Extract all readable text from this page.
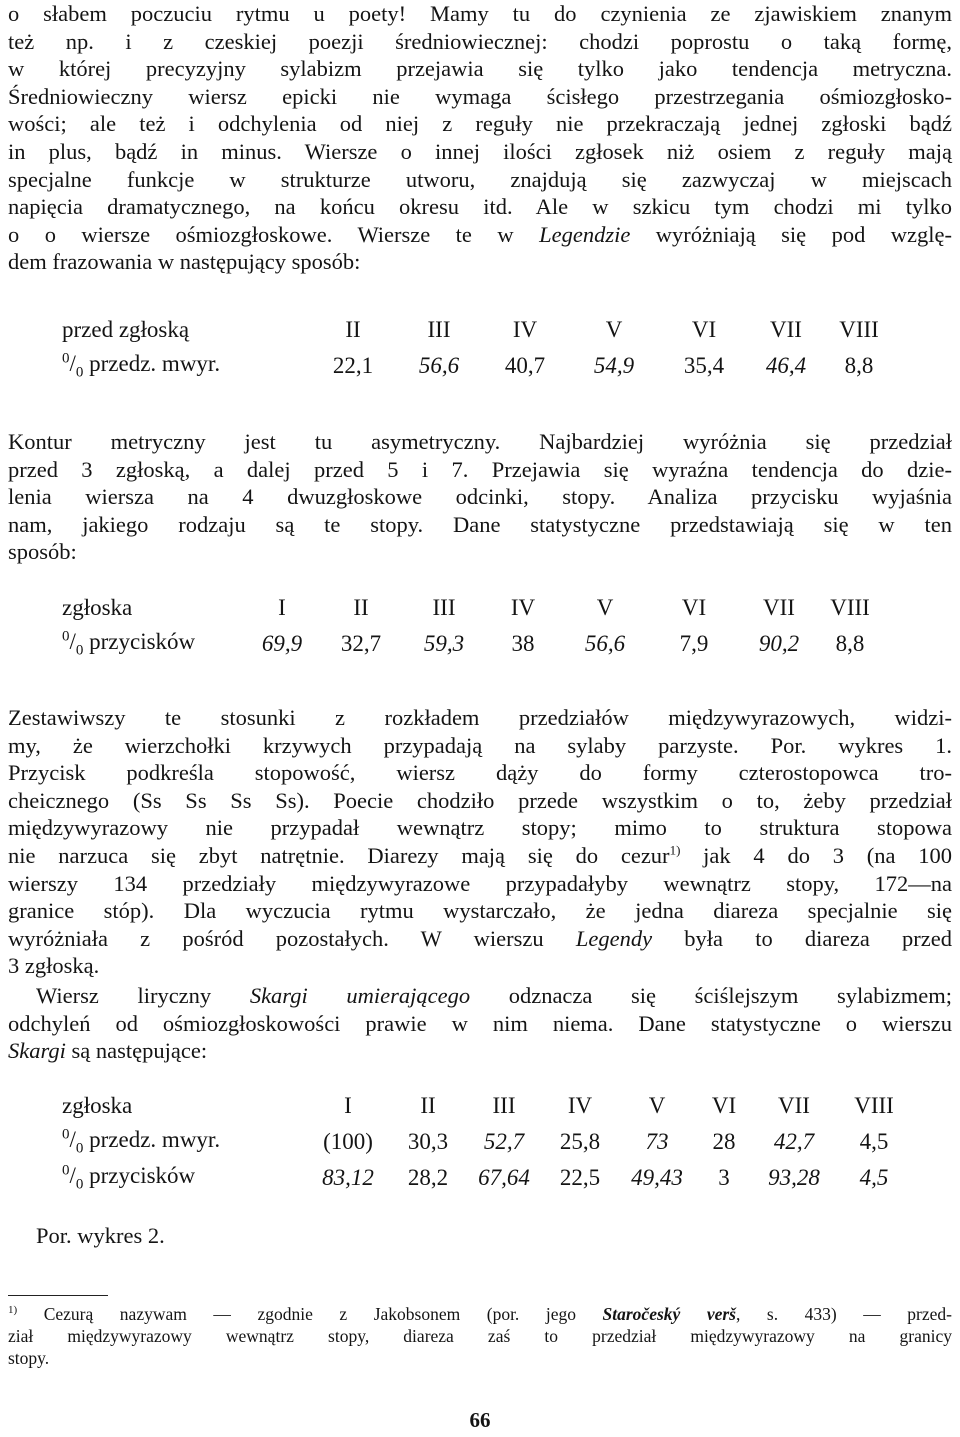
o słabem poczuciu rytmu u poety! Mamy tu do czynienia ze zjawiskiem znanym
też np. i z czeskiej poezji średniowiecznej: chodzi poprostu o taką formę,
w której precyzyjny sylabizm przejawia się tylko jako tendencja metryczna.
Średniowieczny wiersz epicki nie wymaga ścisłego przestrzegania ośmiozgłosko-
wości; ale też i odchylenia od niej z reguły nie przekraczają jednej zgłoski bądź
in plus, bądź in minus. Wiersze o innej ilości zgłosek niż osiem z reguły mają
specjalne funkcje w strukturze utworu, znajdują się zazwyczaj w miejscach
napięcia dramatycznego, na końcu okresu itd. Ale w szkicu tym chodzi mi tylko
o o wiersze ośmiozgłoskowe. Wiersze te w Legendzie wyróżniają się pod wzglę-
dem frazowania w następujący sposób:
przed zgłoską	II	III	IV	V	VI	VII	VIII
$^0/_0$ przedz. mwyr.	22,1	56,6	40,7	54,9	35,4	46,4	8,8
Kontur metryczny jest tu asymetryczny. Najbardziej wyróżnia się przedział
przed 3 zgłoską, a dalej przed 5 i 7. Przejawia się wyraźna tendencja do dzie-
lenia wiersza na 4 dwuzgłoskowe odcinki, stopy. Analiza przycisku wyjaśnia
nam, jakiego rodzaju są te stopy. Dane statystyczne przedstawiają się w ten
sposób:
zgłoska	I	II	III	IV	V	VI	VII	VIII
$^0/_0$ przycisków	69,9	32,7	59,3	38	56,6	7,9	90,2	8,8
Zestawiwszy te stosunki z rozkładem przedziałów międzywyrazowych, widzi-
my, że wierzchołki krzywych przypadają na sylaby parzyste. Por. wykres 1.
Przycisk podkreśla stopowość, wiersz dąży do formy czterostopowca tro-
cheicznego (Ss Ss Ss Ss). Poecie chodziło przede wszystkim o to, żeby przedział
międzywyrazowy nie przypadał wewnątrz stopy; mimo to struktura stopowa
nie narzuca się zbyt natrętnie. Diarezy mają się do cezur$^{1)}$ jak 4 do 3 (na 100
wierszy 134 przedziały międzywyrazowe przypadałyby wewnątrz stopy, 172—na
granice stóp). Dla wyczucia rytmu wystarczało, że jedna diareza specjalnie się
wyróżniała z pośród pozostałych. W wierszu Legendy była to diareza przed
3 zgłoską.
Wiersz liryczny Skargi umierającego odznacza się ściślejszym sylabizmem;
odchyleń od ośmiozgłoskowości prawie w nim niema. Dane statystyczne o wierszu
Skargi są następujące:
zgłoska	I	II	III	IV	V	VI	VII	VIII
$^0/_0$ przedz. mwyr.	(100)	30,3	52,7	25,8	73	28	42,7	4,5
$^0/_0$ przycisków	83,12	28,2	67,64	22,5	49,43	3	93,28	4,5
Por. wykres 2.
$^{1)}$ Cezurą nazywam — zgodnie z Jakobsonem (por. jego Staročeský verš, s. 433) — przed-
ział międzywyrazowy wewnątrz stopy, diareza zaś to przedział międzywyrazowy na granicy
stopy.
66
